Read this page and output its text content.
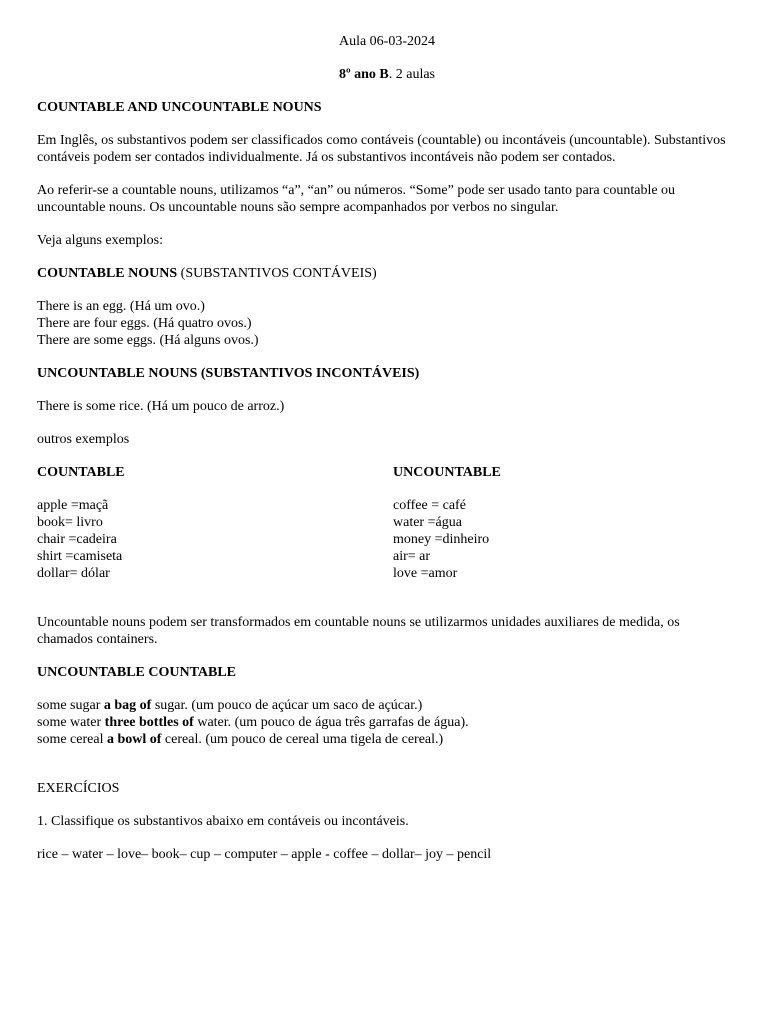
Aula 06-03-2024

8º ano B. 2 aulas

COUNTABLE AND UNCOUNTABLE NOUNS

Em Inglês, os substantivos podem ser classificados como contáveis (countable) ou incontáveis (uncountable). Substantivos contáveis podem ser contados individualmente. Já os substantivos incontáveis não podem ser contados.

Ao referir-se a countable nouns, utilizamos “a”, “an” ou números. “Some” pode ser usado tanto para countable ou uncountable nouns. Os uncountable nouns são sempre acompanhados por verbos no singular.

Veja alguns exemplos:

COUNTABLE NOUNS (SUBSTANTIVOS CONTÁVEIS)

There is an egg. (Há um ovo.)

There are four eggs. (Há quatro ovos.)

There are some eggs. (Há alguns ovos.)

UNCOUNTABLE NOUNS (SUBSTANTIVOS INCONTÁVEIS)

There is some rice. (Há um pouco de arroz.)

outros exemplos

COUNTABLE

apple =maçã

book= livro

chair =cadeira

shirt =camiseta

dollar= dólar

UNCOUNTABLE

coffee = café

water =água

money =dinheiro

air= ar

love =amor

Uncountable nouns podem ser transformados em countable nouns se utilizarmos unidades auxiliares de medida, os chamados containers.

UNCOUNTABLE COUNTABLE

some sugar a bag of sugar. (um pouco de açúcar um saco de açúcar.)

some water three bottles of water. (um pouco de água três garrafas de água).

some cereal a bowl of cereal. (um pouco de cereal uma tigela de cereal.)

EXERCÍCIOS

1. Classifique os substantivos abaixo em contáveis ou incontáveis.

rice – water – love– book– cup – computer – apple - coffee – dollar– joy – pencil
